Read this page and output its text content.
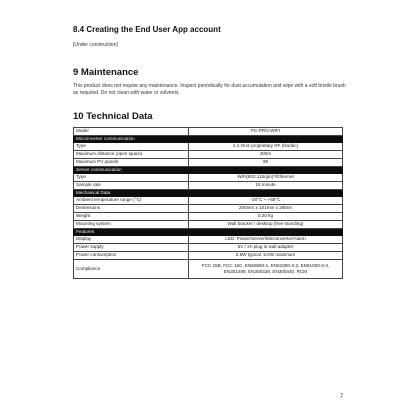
8.4 Creating the End User App account
[Under construction]
9 Maintenance

This product does not require any maintenance. Inspect periodically for dust accumulation and wipe with a soft bristle brush as required. Do not clean with water or solvents.

10 Technical Data
Model	PC-PRO-WIFI
Microinverter communication	
Type	2.4 GHz proprietary RF (Nordic)
Maximum distance (open space)	200m
Maximum PV panels	99
Server communication	
Type	WiFi(802.11b/g/n)*/Ethernet
Sample rate	15 minute
Mechanical Data	
Ambient temperature range (°C)	-20°C ~ +65°C
Dimensions	200mm x 101mm x 29mm
Weight	0.20 kg
Mounting system	Wall bracket / desktop (free standing)
Features	
Display	LED: Power/Server/Microinverter/Alarm
Power supply	5V / 2A plug in wall adapter
Power consumption	2.5W typical, 5.0W maximum
Compliance	FCC 15B, FCC 15C, EN60950-1, EN61000-3-2, EN61000-3-3, EN301489, EN300328, EN300440, RCM
7
